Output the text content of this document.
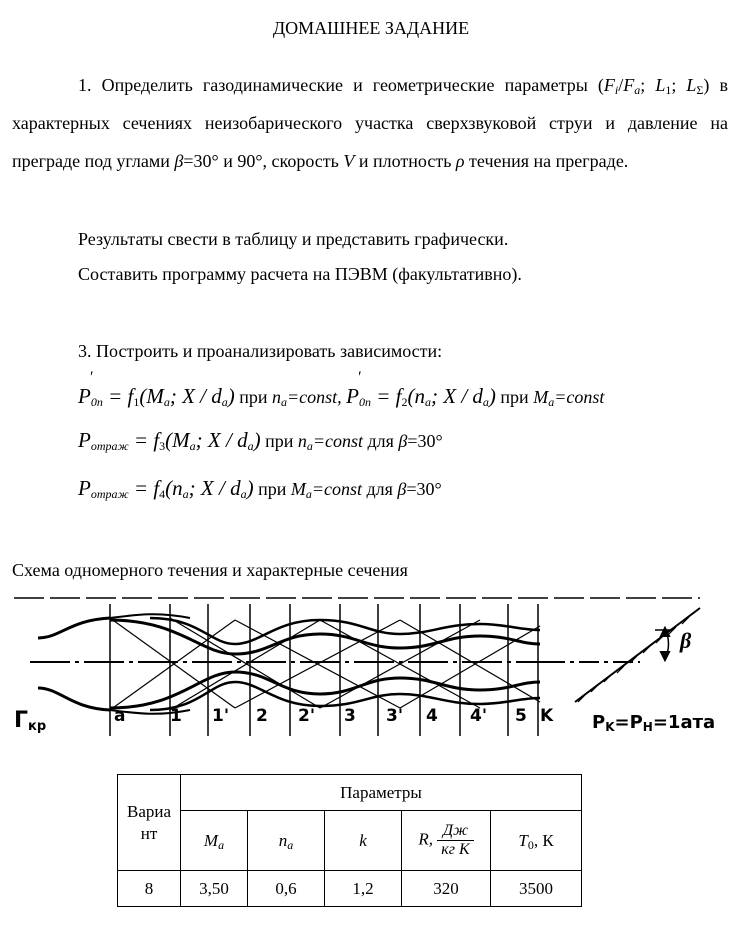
ДОМАШНЕЕ ЗАДАНИЕ
1. Определить газодинамические и геометрические параметры ($F_i/F_a$; $L_1$; $L_\Sigma$) в характерных сечениях неизобарического участка сверхзвуковой струи и давление на преграде под углами β=30° и 90°, скорость V и плотность ρ течения на преграде.
Результаты свести в таблицу и представить графически.
Составить программу расчета на ПЭВМ (факультативно).
3. Построить и проанализировать зависимости:
$P_{0n}$ ′ = $f_1(M_a$; X / $d_a$) при $n_a=const$, $P_{0n}$ ′ = $f_2(n_a$; X / $d_a$) при $M_a=const$
$P_{отраж} = f_3(M_a$; X / $d_a$) при $n_a=const$ для β=30°
$P_{отраж} = f_4(n_a$; X / $d_a$) при $M_a=const$ для β=30°
Схема одномерного течения и характерные сечения
$Г_{кр}$
a	1 1' 2 2' 3 3' 4 4' 5 K
β
$P_K=P_H=1ата$
Вариа нт	Параметры				
	$M_a$	$n_a$	k	R, $\frac{Дж}{\text{кг K}}$	$T_0$, К
8	3,50	0,6	1,2	320	3500
